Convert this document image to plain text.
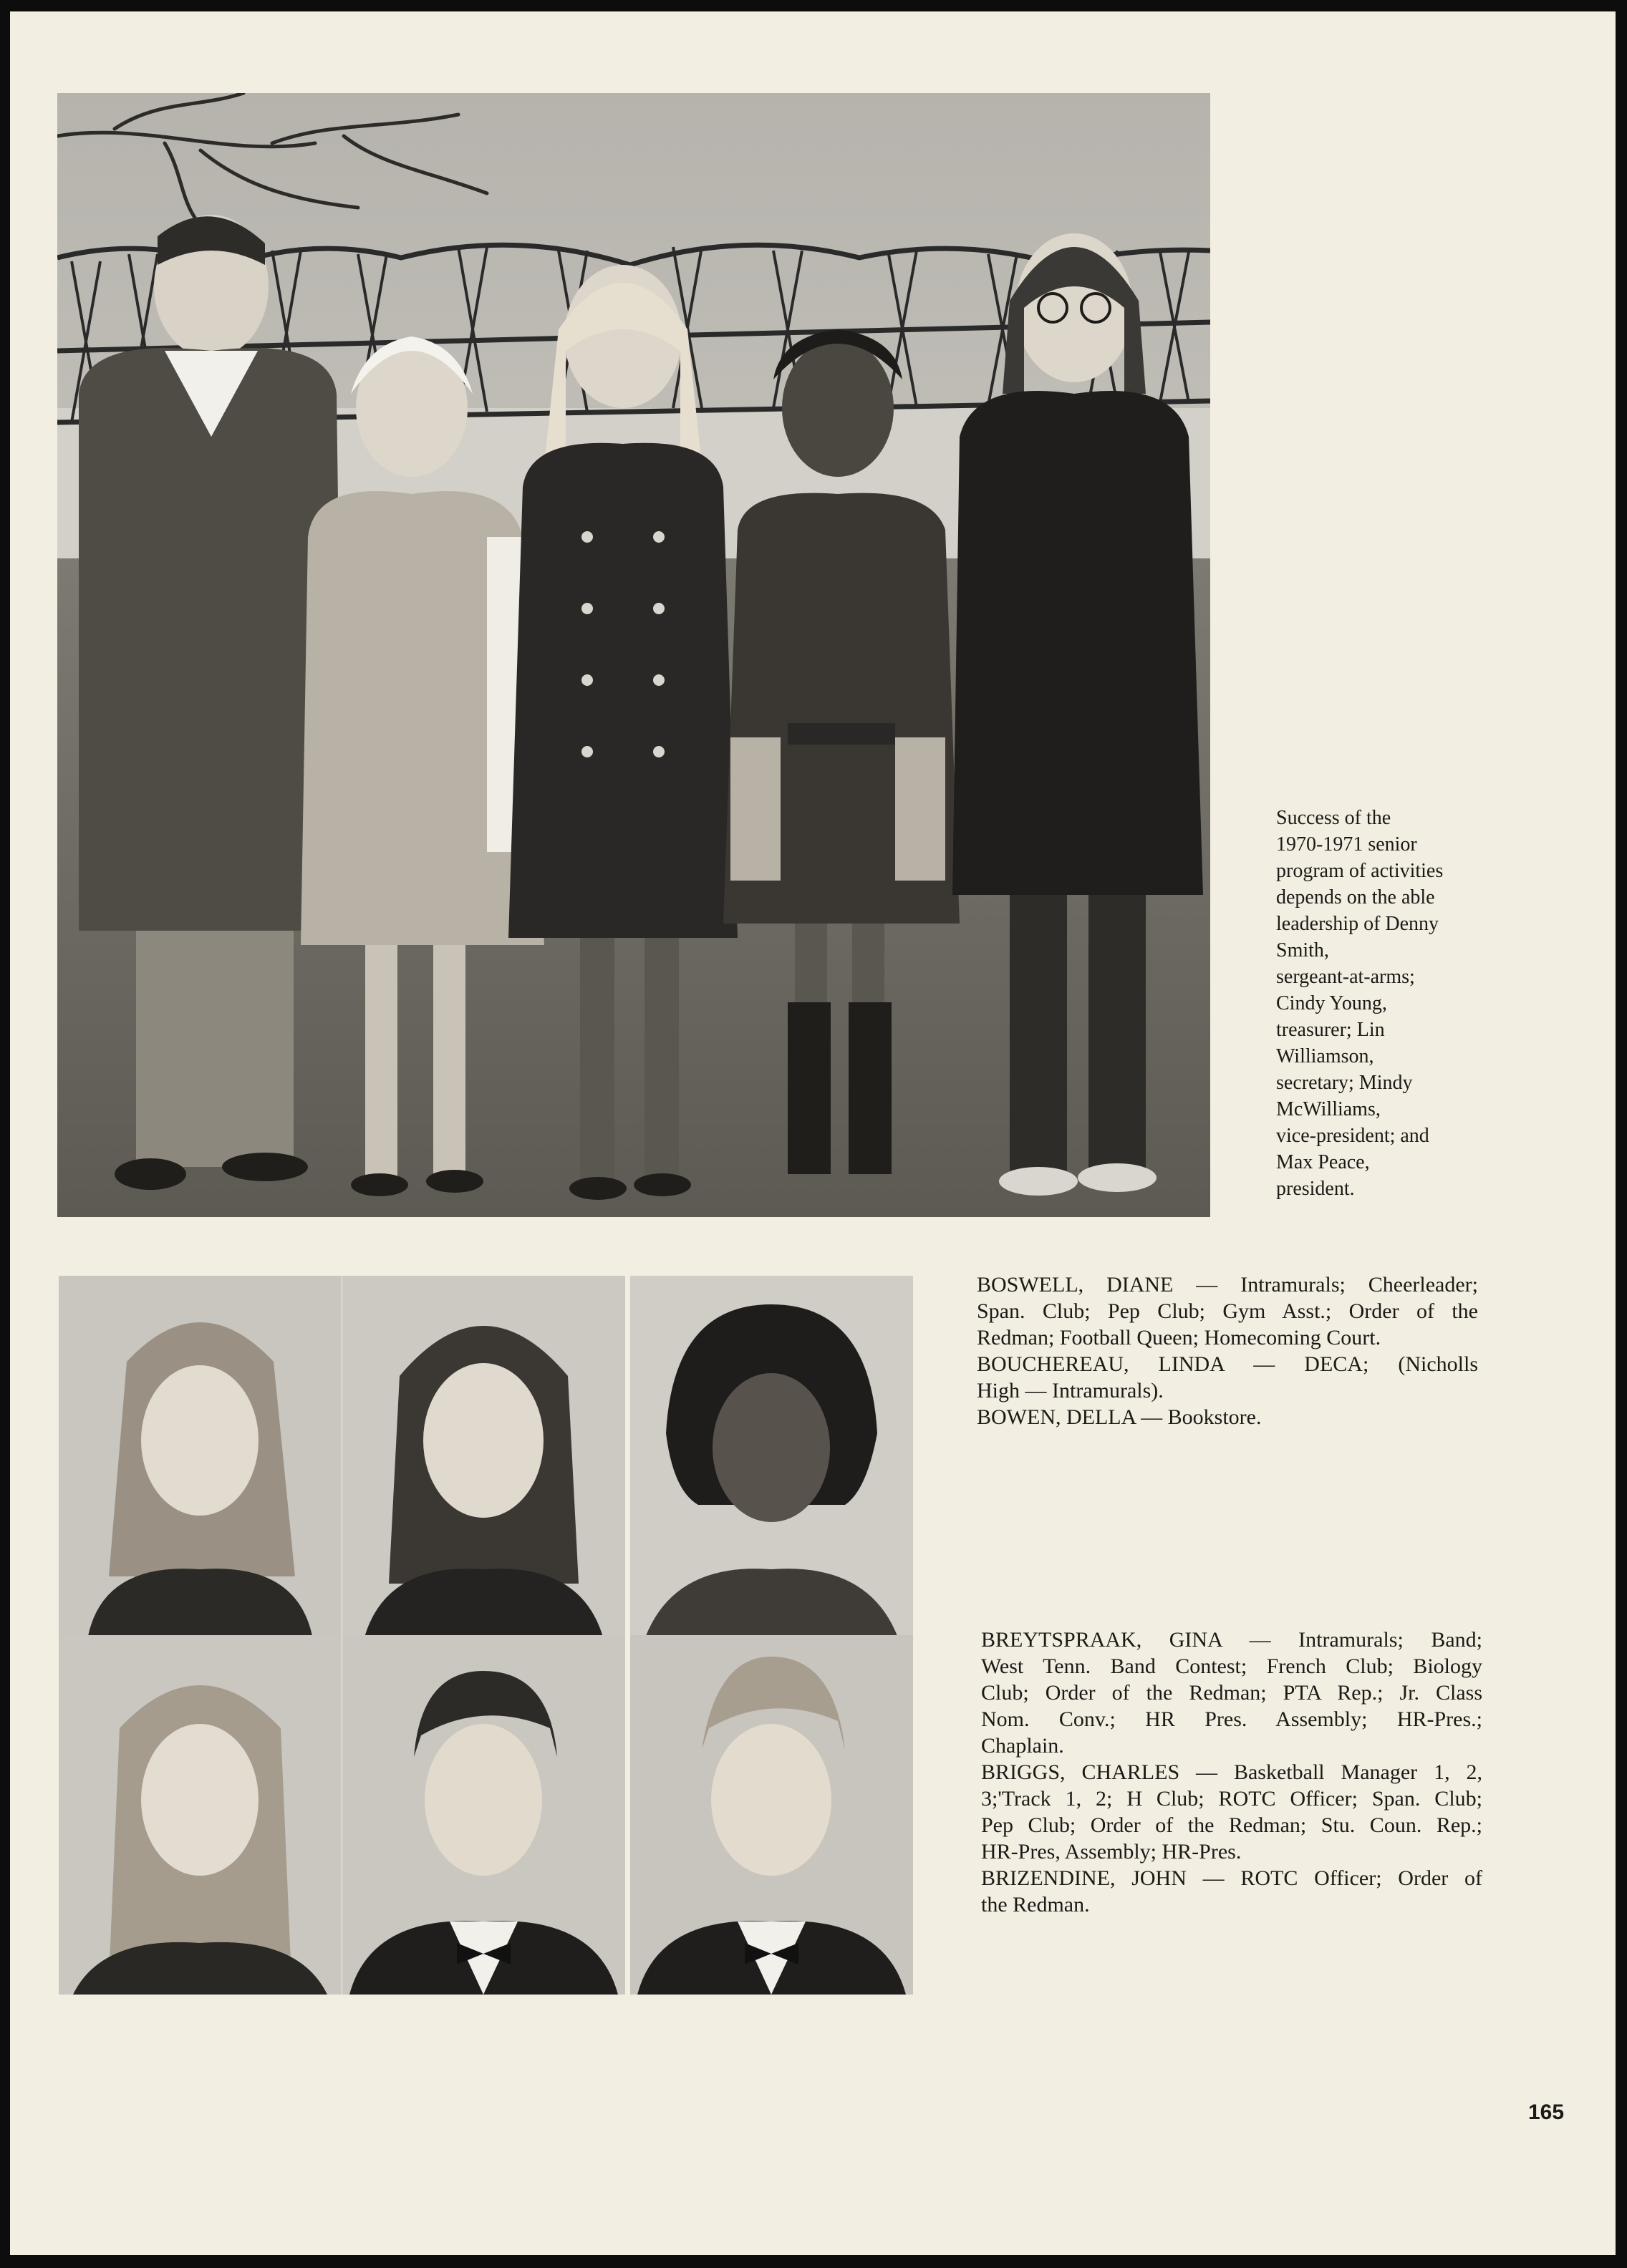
Success of the
1970-1971 senior
program of activities
depends on the able
leadership of Denny
Smith,
sergeant-at-arms;
Cindy Young,
treasurer; Lin
Williamson,
secretary; Mindy
McWilliams,
vice-president; and
Max Peace,
president.
BOSWELL, DIANE — Intramurals; Cheerleader;
Span. Club; Pep Club; Gym Asst.; Order of the
Redman; Football Queen; Homecoming Court.
BOUCHEREAU, LINDA — DECA; (Nicholls
High — Intramurals).
BOWEN, DELLA — Bookstore.
BREYTSPRAAK, GINA — Intramurals; Band;
West Tenn. Band Contest; French Club; Biology
Club; Order of the Redman; PTA Rep.; Jr. Class
Nom. Conv.; HR Pres. Assembly; HR-Pres.;
Chaplain.
BRIGGS, CHARLES — Basketball Manager 1, 2,
3;'Track 1, 2; H Club; ROTC Officer; Span. Club;
Pep Club; Order of the Redman; Stu. Coun. Rep.;
HR-Pres, Assembly; HR-Pres.
BRIZENDINE, JOHN — ROTC Officer; Order of
the Redman.
165
